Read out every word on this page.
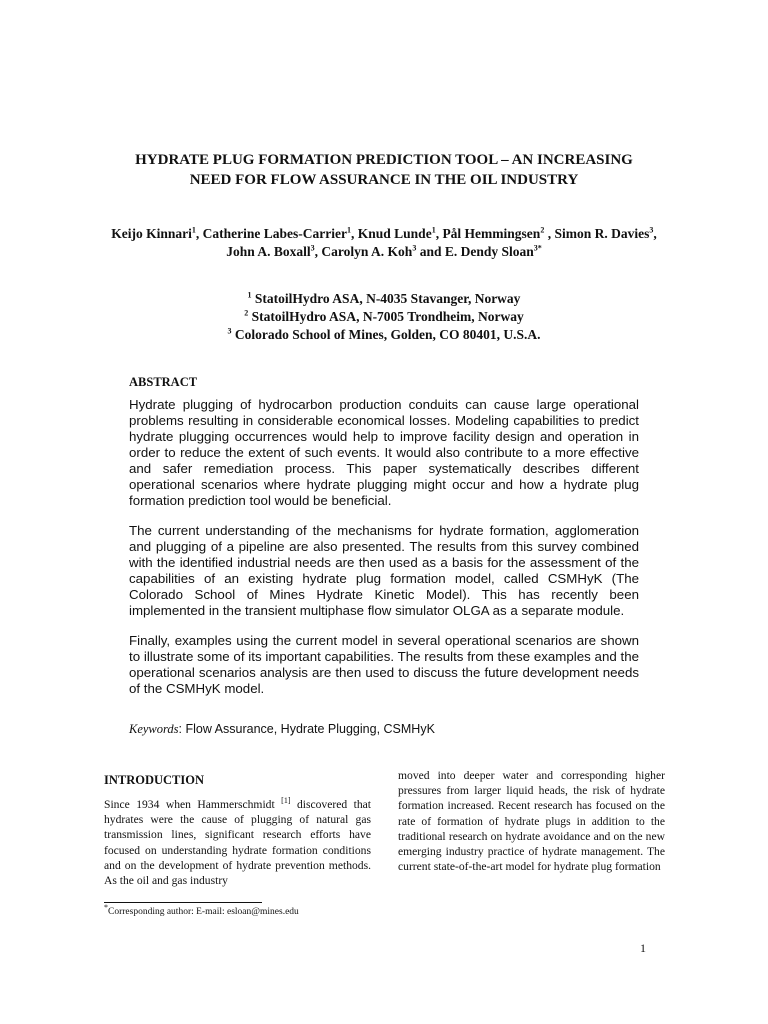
HYDRATE PLUG FORMATION PREDICTION TOOL – AN INCREASING NEED FOR FLOW ASSURANCE IN THE OIL INDUSTRY
Keijo Kinnari$^1$, Catherine Labes-Carrier$^1$, Knud Lunde$^1$, Pål Hemmingsen$^2$ , Simon R. Davies$^3$, John A. Boxall$^3$, Carolyn A. Koh$^3$ and E. Dendy Sloan$^{3*}$
$^1$ StatoilHydro ASA, N-4035 Stavanger, Norway
$^2$ StatoilHydro ASA, N-7005 Trondheim, Norway
$^3$ Colorado School of Mines, Golden, CO 80401, U.S.A.
ABSTRACT

Hydrate plugging of hydrocarbon production conduits can cause large operational problems resulting in considerable economical losses. Modeling capabilities to predict hydrate plugging occurrences would help to improve facility design and operation in order to reduce the extent of such events. It would also contribute to a more effective and safer remediation process. This paper systematically describes different operational scenarios where hydrate plugging might occur and how a hydrate plug formation prediction tool would be beneficial.

The current understanding of the mechanisms for hydrate formation, agglomeration and plugging of a pipeline are also presented. The results from this survey combined with the identified industrial needs are then used as a basis for the assessment of the capabilities of an existing hydrate plug formation model, called CSMHyK (The Colorado School of Mines Hydrate Kinetic Model). This has recently been implemented in the transient multiphase flow simulator OLGA as a separate module.

Finally, examples using the current model in several operational scenarios are shown to illustrate some of its important capabilities. The results from these examples and the operational scenarios analysis are then used to discuss the future development needs of the CSMHyK model.

Keywords: Flow Assurance, Hydrate Plugging, CSMHyK
INTRODUCTION

Since 1934 when Hammerschmidt [1] discovered that hydrates were the cause of plugging of natural gas transmission lines, significant research efforts have focused on understanding hydrate formation conditions and on the development of hydrate prevention methods. As the oil and gas industry

moved into deeper water and corresponding higher pressures from larger liquid heads, the risk of hydrate formation increased. Recent research has focused on the rate of formation of hydrate plugs in addition to the traditional research on hydrate avoidance and on the new emerging industry practice of hydrate management. The current state-of-the-art model for hydrate plug formation

*Corresponding author: E-mail: esloan@mines.edu
1
